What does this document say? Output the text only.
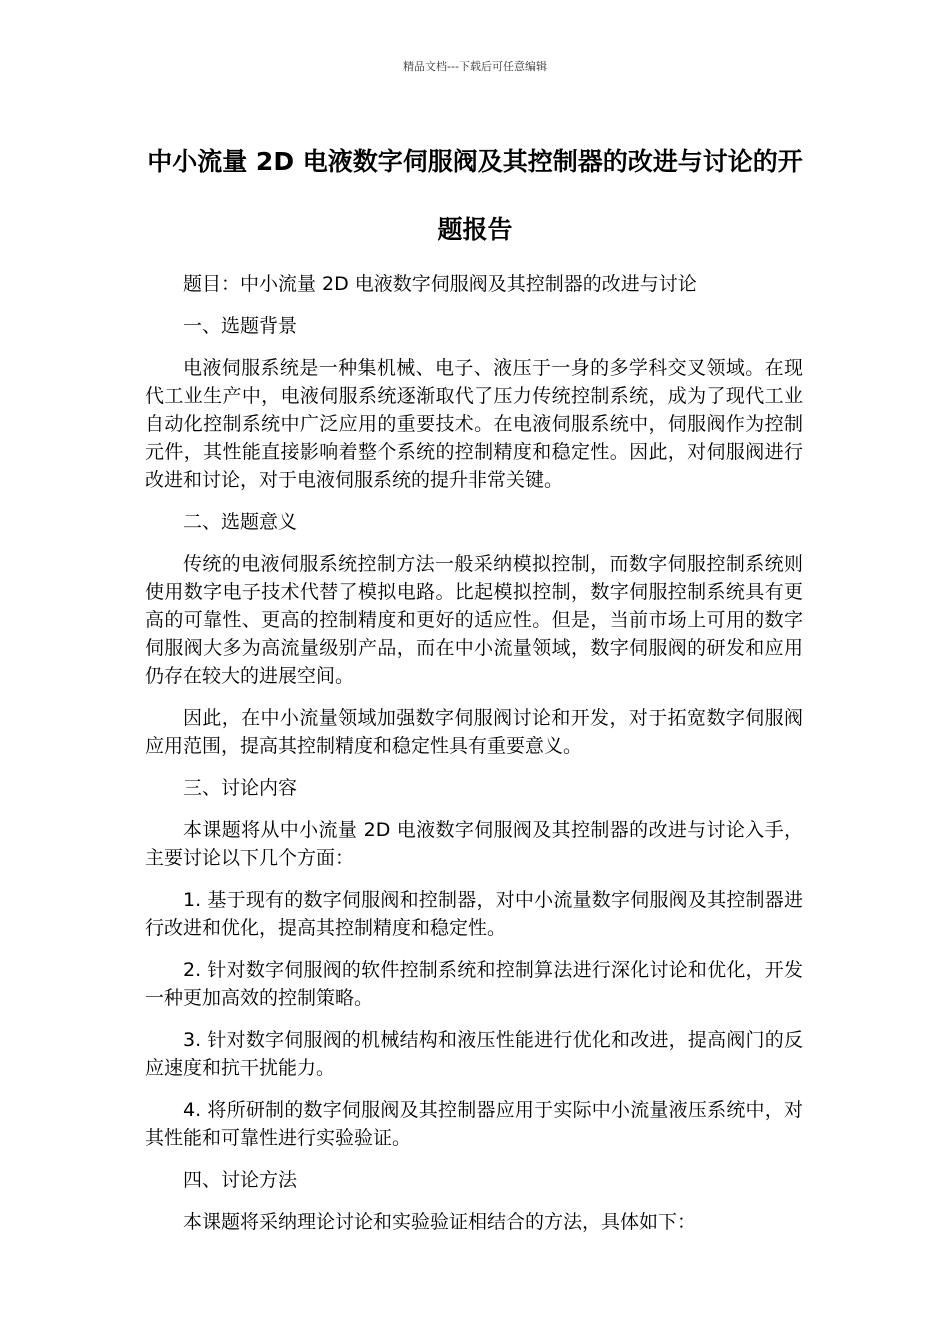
精品文档---下载后可任意编辑
中小流量 2D 电液数字伺服阀及其控制器的改进与讨论的开题报告

题目：中小流量 2D 电液数字伺服阀及其控制器的改进与讨论

一、选题背景

电液伺服系统是一种集机械、电子、液压于一身的多学科交叉领域。在现代工业生产中，电液伺服系统逐渐取代了压力传统控制系统，成为了现代工业自动化控制系统中广泛应用的重要技术。在电液伺服系统中，伺服阀作为控制元件，其性能直接影响着整个系统的控制精度和稳定性。因此，对伺服阀进行改进和讨论，对于电液伺服系统的提升非常关键。

二、选题意义

传统的电液伺服系统控制方法一般采纳模拟控制，而数字伺服控制系统则使用数字电子技术代替了模拟电路。比起模拟控制，数字伺服控制系统具有更高的可靠性、更高的控制精度和更好的适应性。但是，当前市场上可用的数字伺服阀大多为高流量级别产品，而在中小流量领域，数字伺服阀的研发和应用仍存在较大的进展空间。

因此，在中小流量领域加强数字伺服阀讨论和开发，对于拓宽数字伺服阀应用范围，提高其控制精度和稳定性具有重要意义。

三、讨论内容

本课题将从中小流量 2D 电液数字伺服阀及其控制器的改进与讨论入手，主要讨论以下几个方面：

1. 基于现有的数字伺服阀和控制器，对中小流量数字伺服阀及其控制器进行改进和优化，提高其控制精度和稳定性。

2. 针对数字伺服阀的软件控制系统和控制算法进行深化讨论和优化，开发一种更加高效的控制策略。

3. 针对数字伺服阀的机械结构和液压性能进行优化和改进，提高阀门的反应速度和抗干扰能力。

4. 将所研制的数字伺服阀及其控制器应用于实际中小流量液压系统中，对其性能和可靠性进行实验验证。

四、讨论方法

本课题将采纳理论讨论和实验验证相结合的方法，具体如下：
